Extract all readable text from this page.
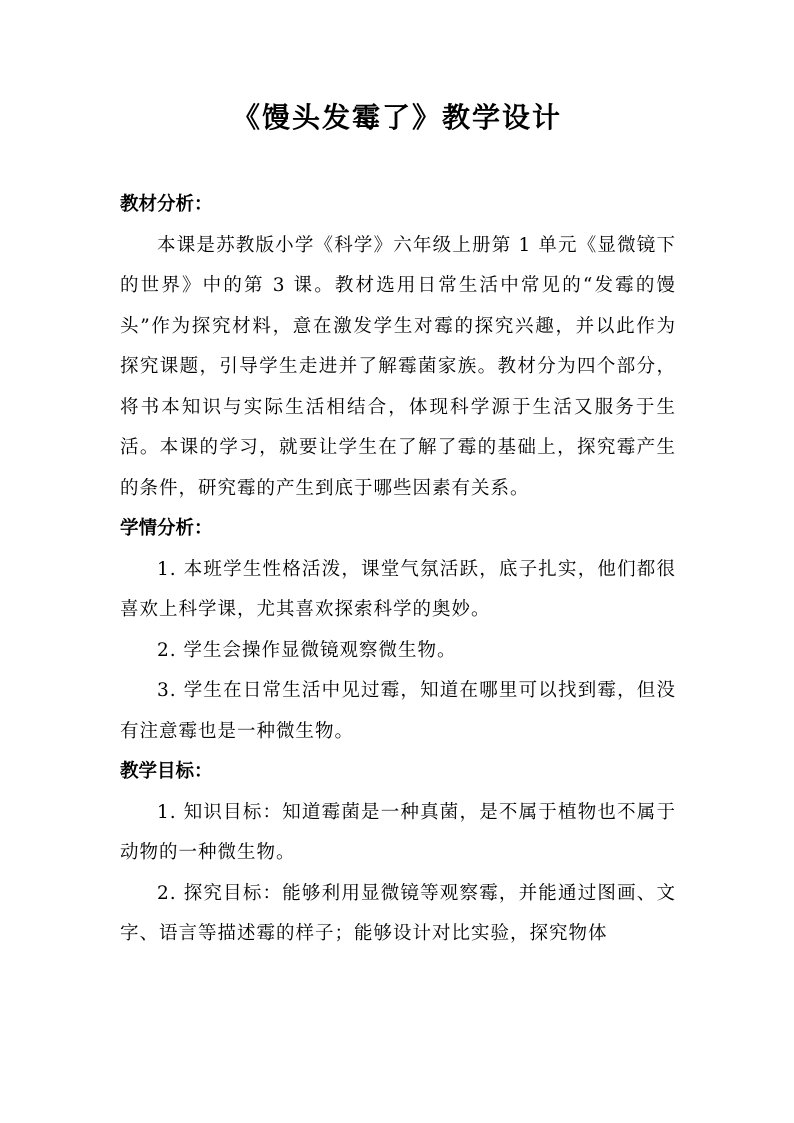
《馒头发霉了》教学设计

教材分析：

本课是苏教版小学《科学》六年级上册第 1 单元《显微镜下的世界》中的第 3 课。教材选用日常生活中常见的“发霉的馒头”作为探究材料，意在激发学生对霉的探究兴趣，并以此作为探究课题，引导学生走进并了解霉菌家族。教材分为四个部分，将书本知识与实际生活相结合，体现科学源于生活又服务于生活。本课的学习，就要让学生在了解了霉的基础上，探究霉产生的条件，研究霉的产生到底于哪些因素有关系。

学情分析：

1. 本班学生性格活泼，课堂气氛活跃，底子扎实，他们都很喜欢上科学课，尤其喜欢探索科学的奥妙。

2. 学生会操作显微镜观察微生物。

3. 学生在日常生活中见过霉，知道在哪里可以找到霉，但没有注意霉也是一种微生物。

教学目标：

1. 知识目标：知道霉菌是一种真菌，是不属于植物也不属于动物的一种微生物。

2. 探究目标：能够利用显微镜等观察霉，并能通过图画、文字、语言等描述霉的样子；能够设计对比实验，探究物体
